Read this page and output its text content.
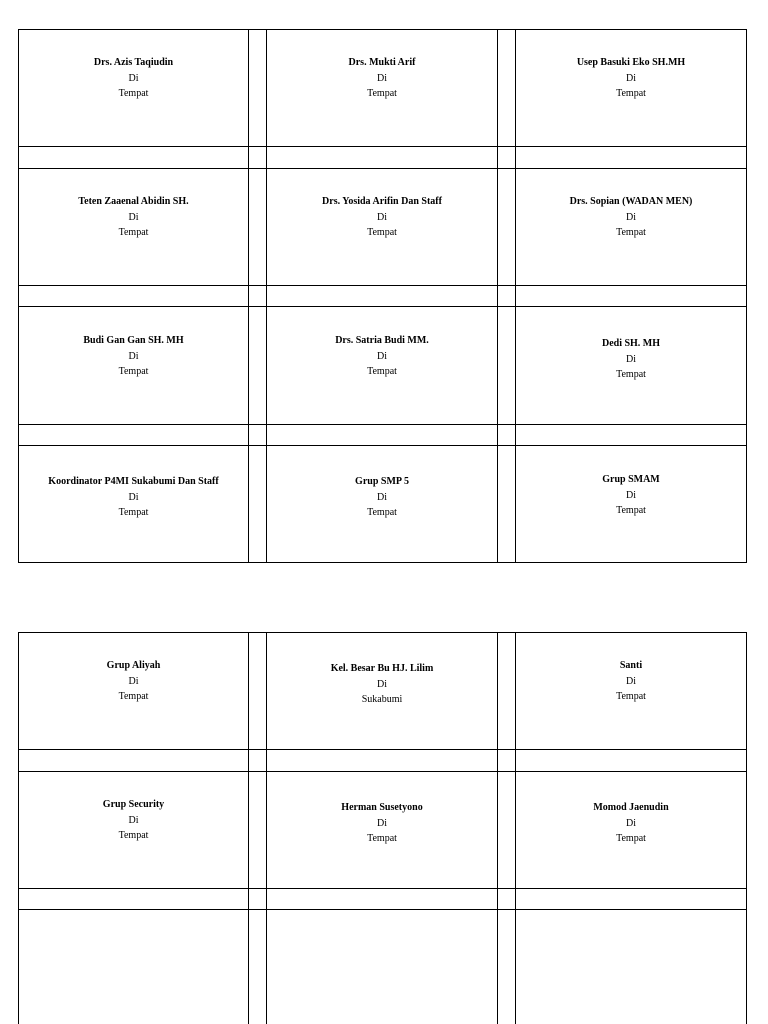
Drs. Azis Taqiudin
Di
Tempat
Drs. Mukti Arif
Di
Tempat
Usep Basuki Eko SH.MH
Di
Tempat
Teten Zaaenal Abidin SH.
Di
Tempat
Drs. Yosida Arifin Dan Staff
Di
Tempat
Drs. Sopian (WADAN MEN)
Di
Tempat
Budi Gan Gan SH. MH
Di
Tempat
Drs. Satria Budi MM.
Di
Tempat
Dedi SH. MH
Di
Tempat
Koordinator P4MI Sukabumi Dan Staff
Di
Tempat
Grup SMP 5
Di
Tempat
Grup SMAM
Di
Tempat
Grup Aliyah
Di
Tempat
Kel. Besar Bu HJ. Lilim
Di
Sukabumi
Santi
Di
Tempat
Grup Security
Di
Tempat
Herman Susetyono
Di
Tempat
Momod Jaenudin
Di
Tempat
